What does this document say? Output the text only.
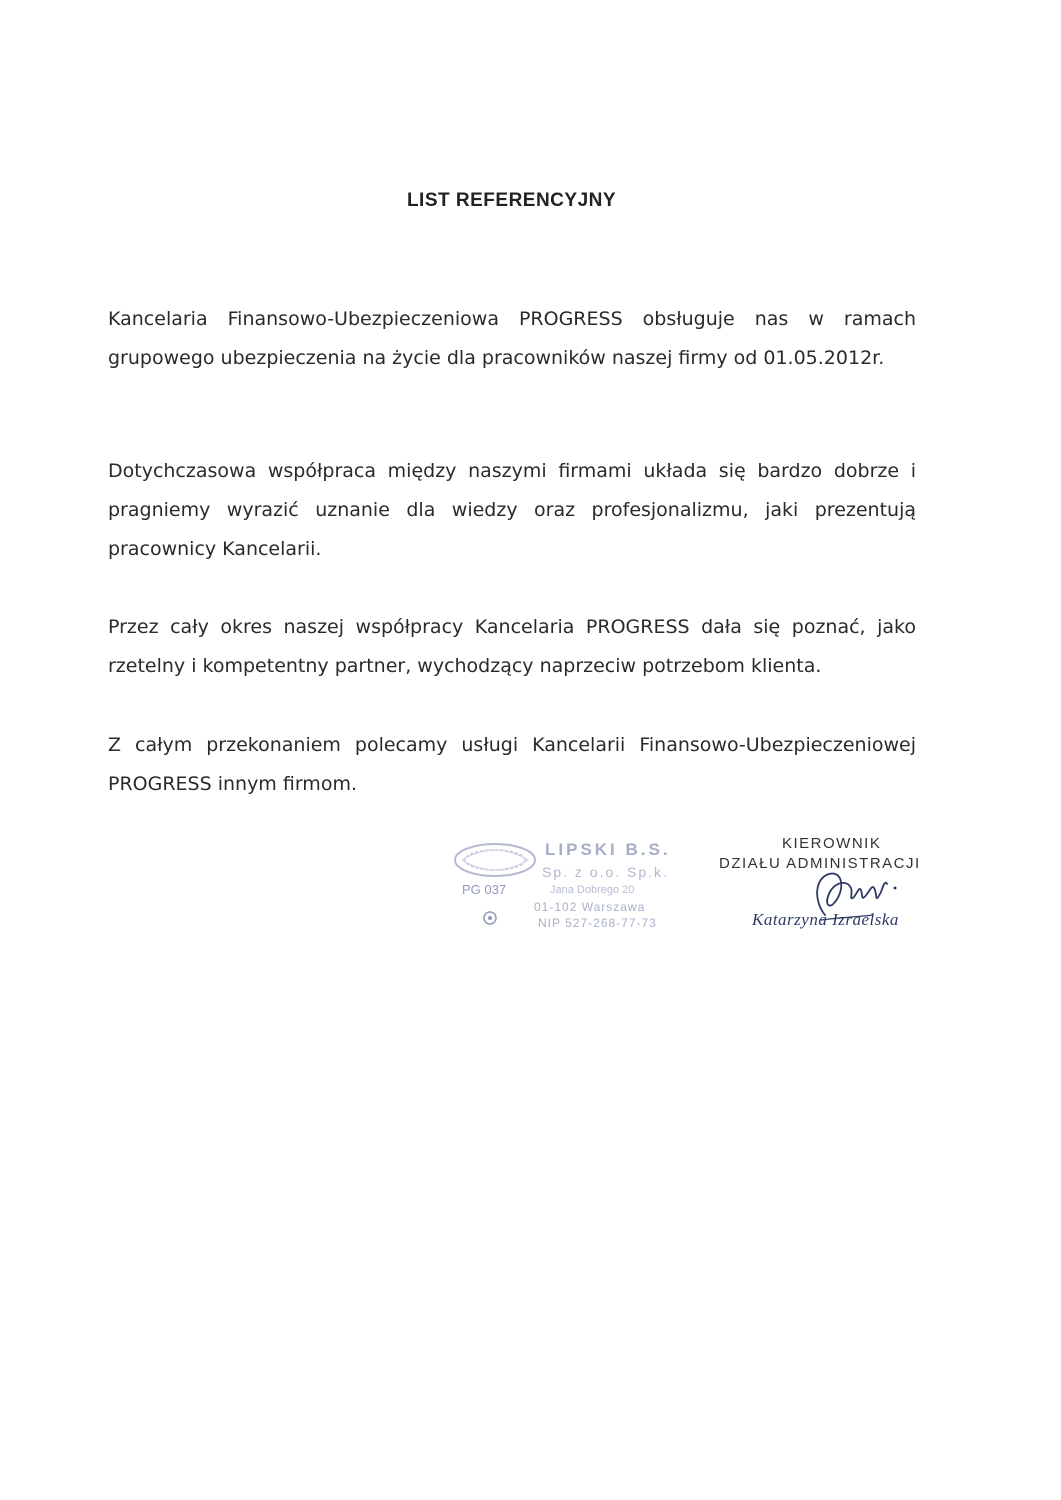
LIST REFERENCYJNY
Kancelaria Finansowo-Ubezpieczeniowa PROGRESS obsługuje nas w ramach grupowego ubezpieczenia na życie dla pracowników naszej firmy od 01.05.2012r.
Dotychczasowa współpraca między naszymi firmami układa się bardzo dobrze i pragniemy wyrazić uznanie dla wiedzy oraz profesjonalizmu, jaki prezentują pracownicy Kancelarii.
Przez cały okres naszej współpracy Kancelaria PROGRESS dała się poznać, jako rzetelny i kompetentny partner, wychodzący naprzeciw potrzebom klienta.
Z całym przekonaniem polecamy usługi Kancelarii Finansowo-Ubezpieczeniowej PROGRESS innym firmom.
LIPSKI B.S.
Sp. z o.o. Sp.k.
PG 037	Jana Dobrego 20
01-102 Warszawa
NIP 527-268-77-73
KIEROWNIK
DZIAŁU ADMINISTRACJI
Katarzyna Izraelska
